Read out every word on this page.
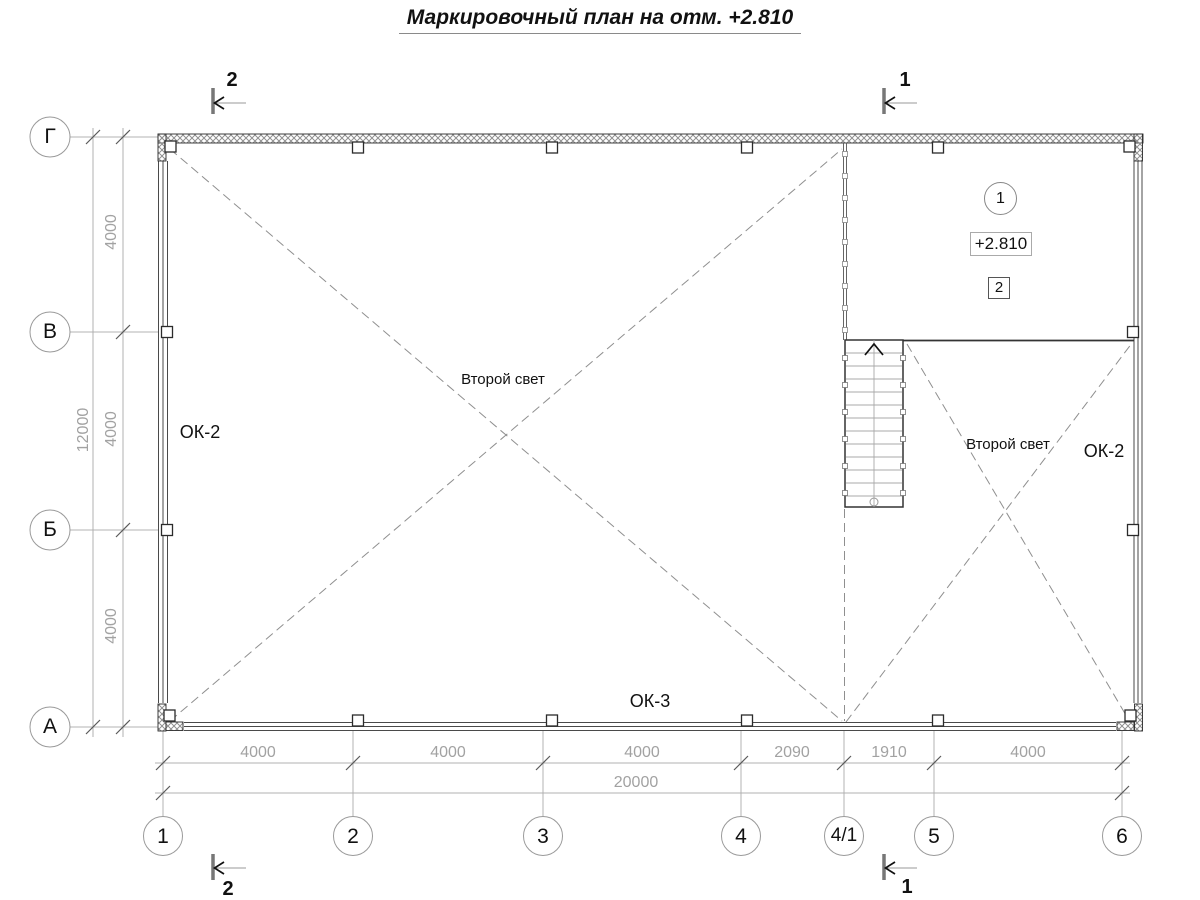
Маркировочный план на отм. +2.810
Г
В
Б
А
1	2	3	4	4/1	5	6
4000	4000	4000	2090	1910	4000
20000
4000
4000
4000
12000	ОК-2
ОК-2
ОК-3
Второй свет
Второй свет
1
+2.810
2
2	1
2	1
